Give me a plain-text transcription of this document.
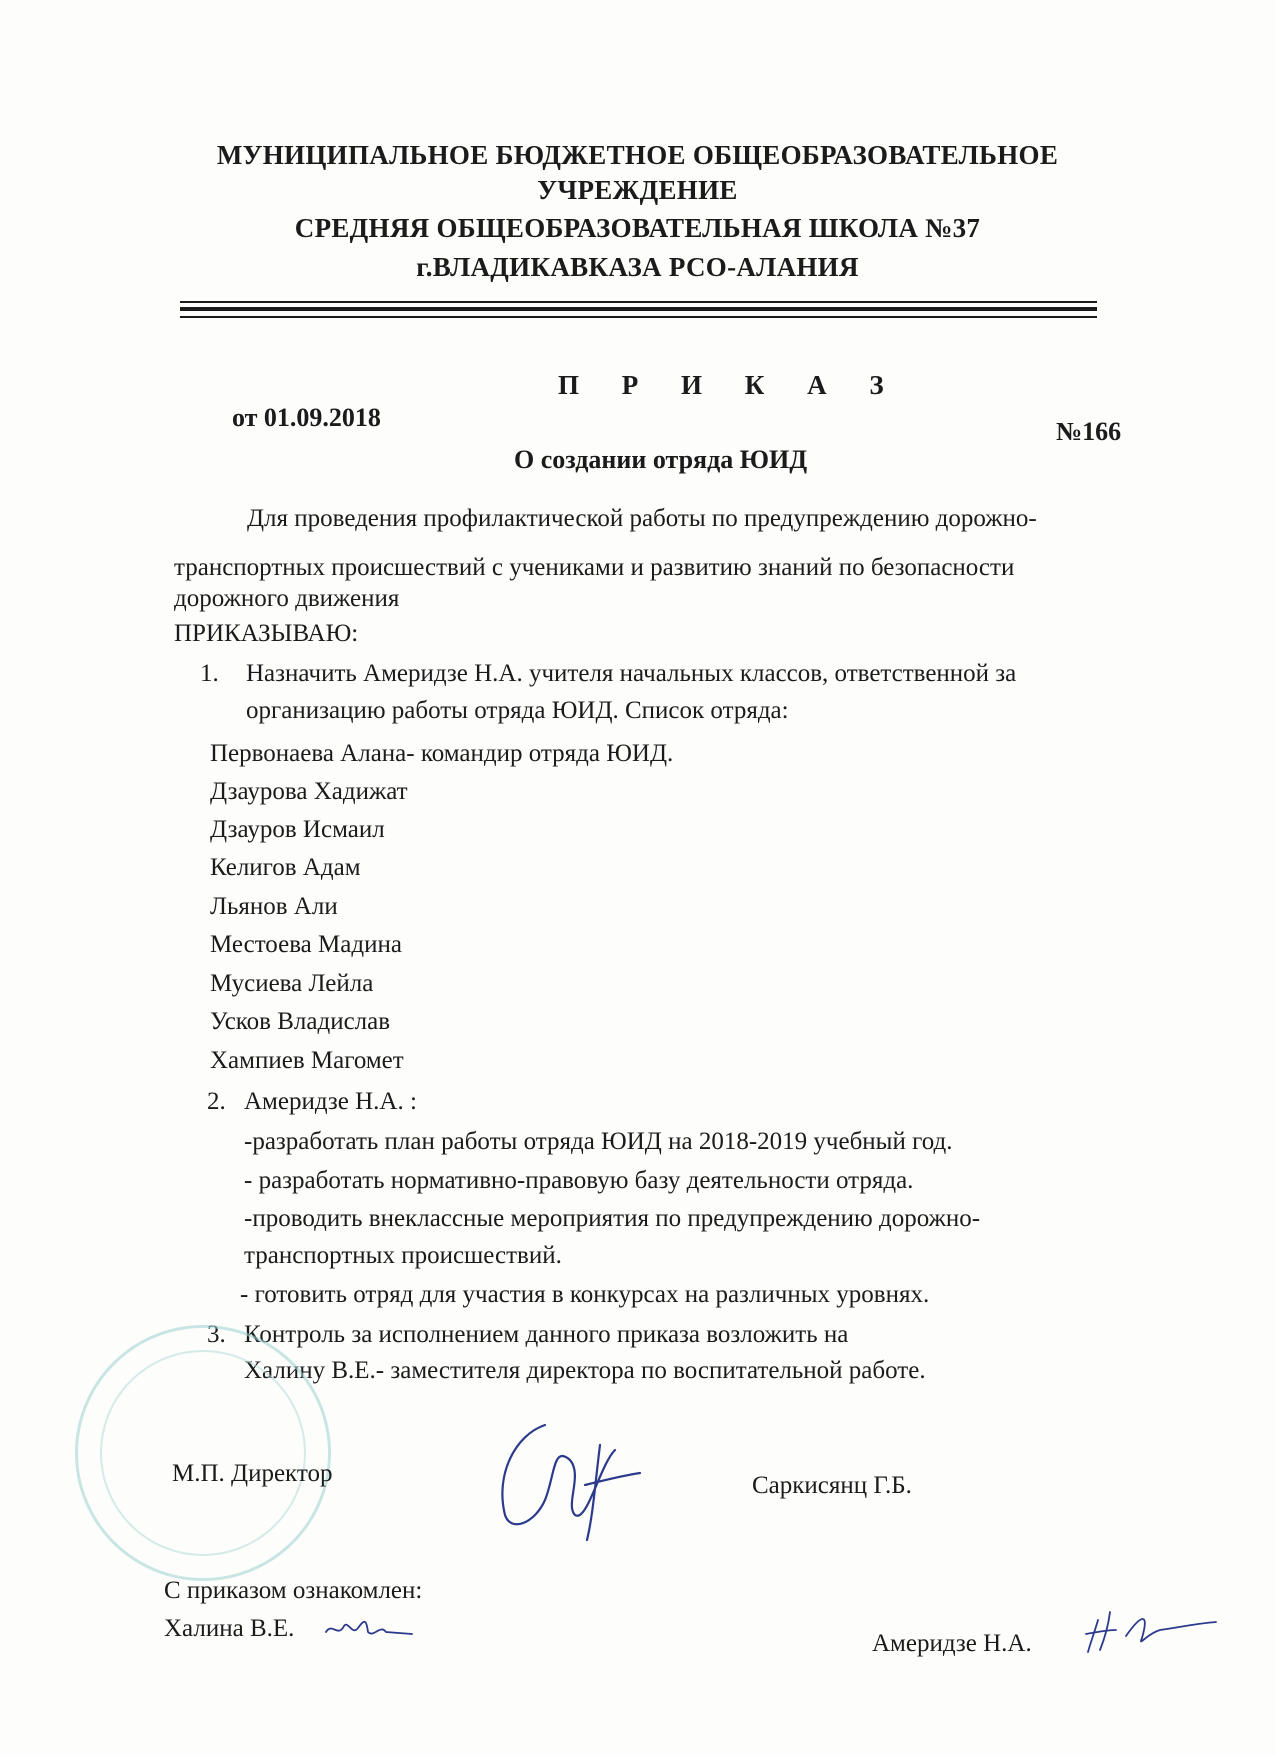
МУНИЦИПАЛЬНОЕ БЮДЖЕТНОЕ ОБЩЕОБРАЗОВАТЕЛЬНОЕ
УЧРЕЖДЕНИЕ
СРЕДНЯЯ ОБЩЕОБРАЗОВАТЕЛЬНАЯ ШКОЛА №37
г.ВЛАДИКАВКАЗА РСО-АЛАНИЯ
П Р И К А З
от 01.09.2018	№166
О создании отряда ЮИД
Для проведения профилактической работы по предупреждению дорожно-
транспортных происшествий с учениками и развитию знаний по безопасности
дорожного движения
ПРИКАЗЫВАЮ:
1. Назначить Америдзе Н.А. учителя начальных классов, ответственной за
организацию работы отряда ЮИД. Список отряда:
Первонаева Алана- командир отряда ЮИД.
Дзаурова Хадижат
Дзауров Исмаил
Келигов Адам
Льянов Али
Местоева Мадина
Мусиева Лейла
Усков Владислав
Хампиев Магомет
2. Америдзе Н.А. :
-разработать план работы отряда ЮИД на 2018-2019 учебный год.
- разработать нормативно-правовую базу деятельности отряда.
-проводить внеклассные мероприятия по предупреждению дорожно-
транспортных происшествий.
- готовить отряд для участия в конкурсах на различных уровнях.
3. Контроль за исполнением данного приказа возложить на
Халину В.Е.- заместителя директора по воспитательной работе.
М.П. Директор	Саркисянц Г.Б.
С приказом ознакомлен:
Халина В.Е.
Америдзе Н.А.
